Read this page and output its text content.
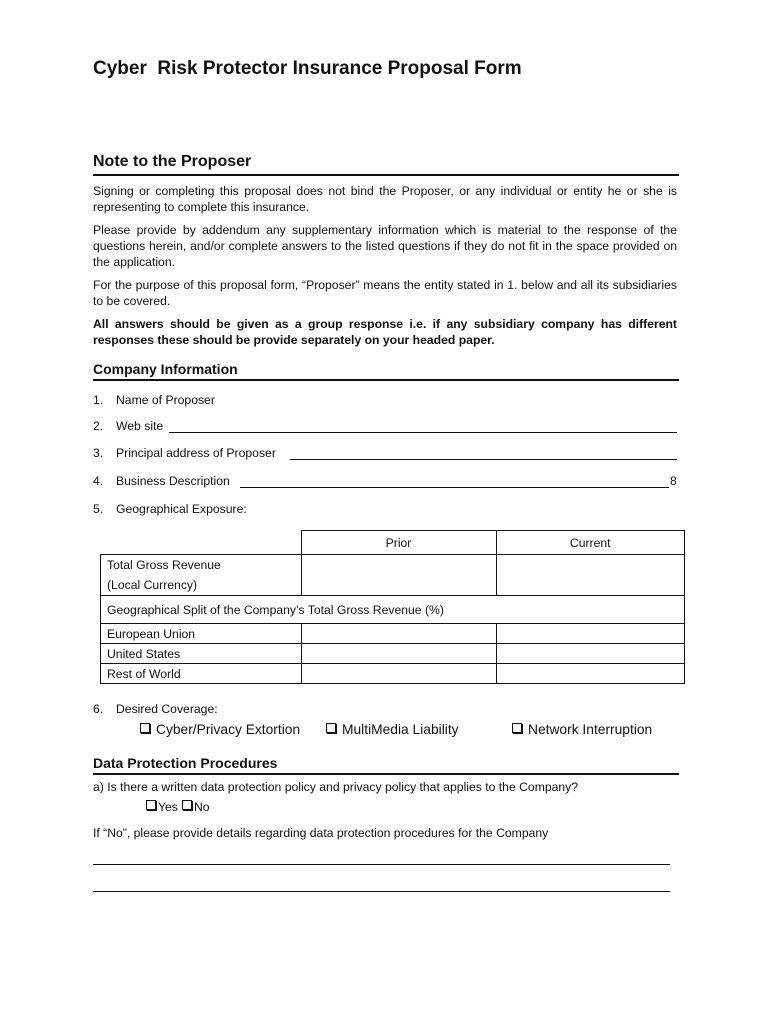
Cyber  Risk Protector Insurance Proposal Form
Note to the Proposer
Signing or completing this proposal does not bind the Proposer, or any individual or entity he or she is representing to complete this insurance.
Please provide by addendum any supplementary information which is material to the response of the questions herein, and/or complete answers to the listed questions if they do not fit in the space provided on the application.
For the purpose of this proposal form, “Proposer” means the entity stated in 1. below and all its subsidiaries to be covered.
All answers should be given as a group response i.e. if any subsidiary company has different responses these should be provide separately on your headed paper.
Company Information
1. Name of Proposer
2. Web site
3. Principal address of Proposer
4. Business Description	8
5. Geographical Exposure:
	Prior	Current
Total Gross Revenue
(Local Currency)		
Geographical Split of the Company’s Total Gross Revenue (%)		
European Union		
United States		
Rest of World		
6. Desired Coverage:
Cyber/Privacy Extortion	MultiMedia Liability	Network Interruption
Data Protection Procedures
a) Is there a written data protection policy and privacy policy that applies to the Company?
Yes	No
If “No”, please provide details regarding data protection procedures for the Company
